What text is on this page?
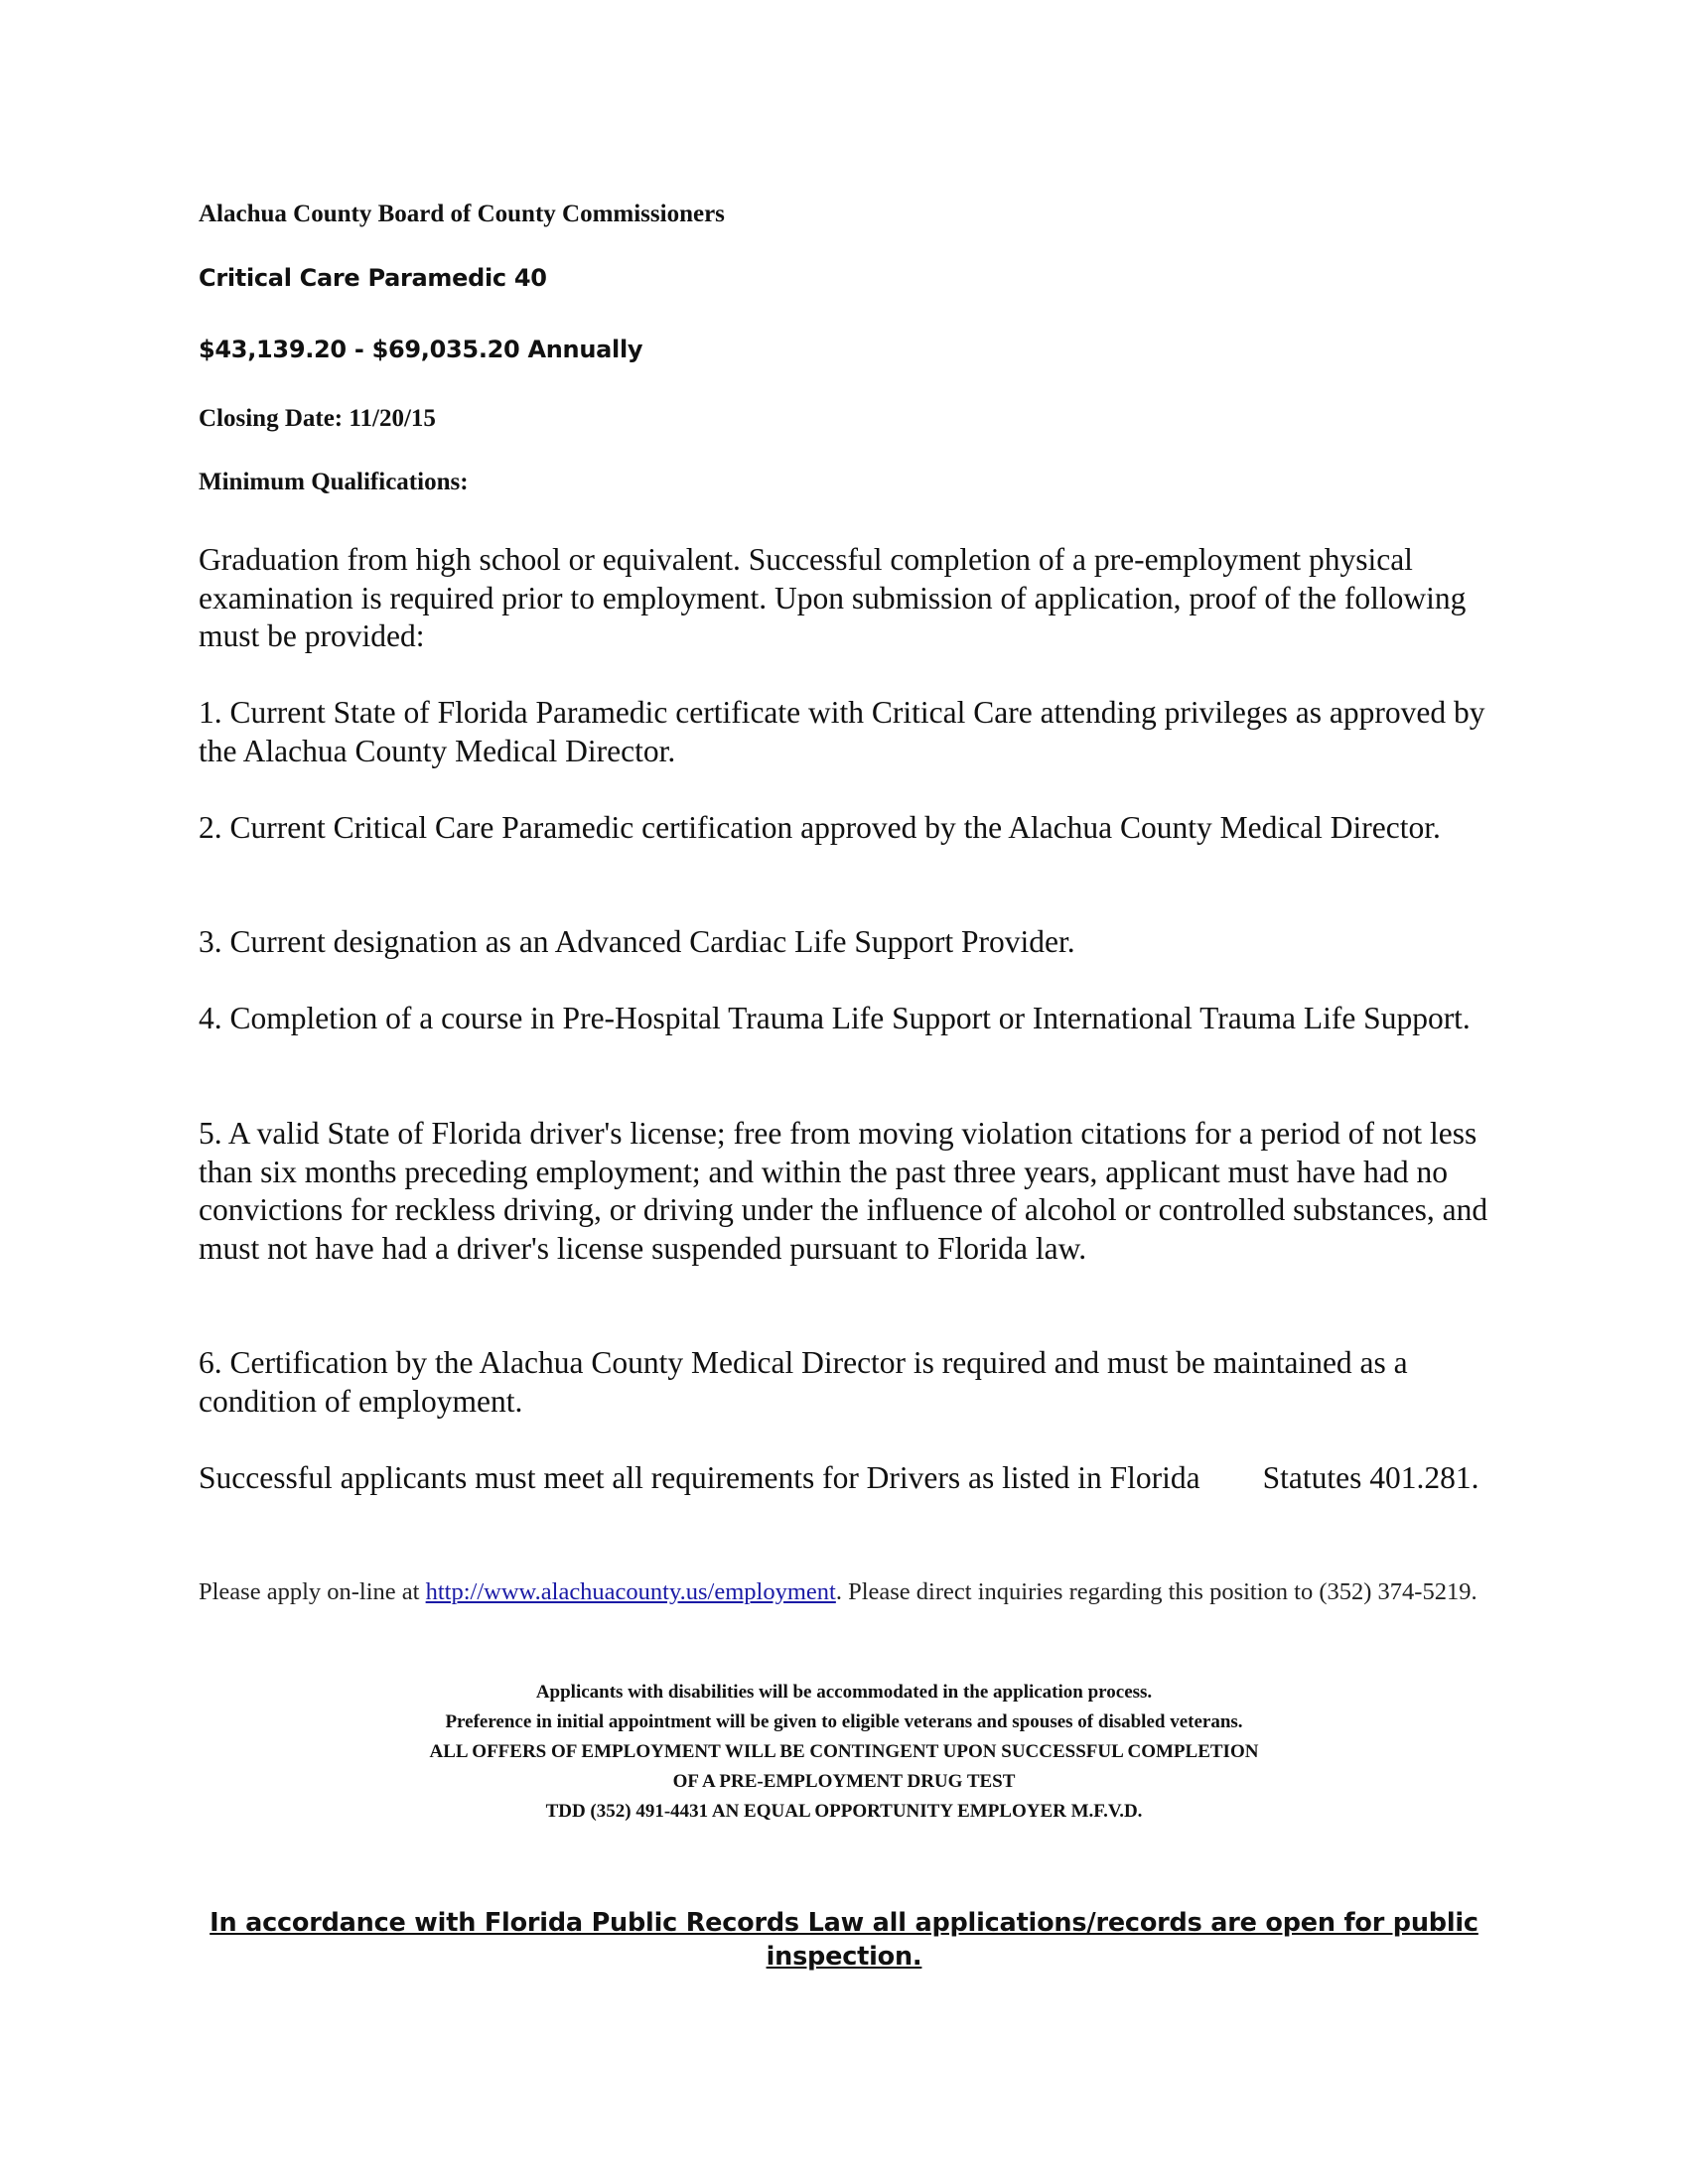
Alachua County Board of County Commissioners
Critical Care Paramedic 40
$43,139.20 - $69,035.20 Annually
Closing Date: 11/20/15
Minimum Qualifications:

Graduation from high school or equivalent. Successful completion of a pre-employment physical examination is required prior to employment. Upon submission of application, proof of the following must be provided:

1. Current State of Florida Paramedic certificate with Critical Care attending privileges as approved by the Alachua County Medical Director.

2. Current Critical Care Paramedic certification approved by the Alachua County Medical Director.

3. Current designation as an Advanced Cardiac Life Support Provider.

4. Completion of a course in Pre-Hospital Trauma Life Support or International Trauma Life Support.

5. A valid State of Florida driver's license; free from moving violation citations for a period of not less than six months preceding employment; and within the past three years, applicant must have had no convictions for reckless driving, or driving under the influence of alcohol or controlled substances, and must not have had a driver's license suspended pursuant to Florida law.

6. Certification by the Alachua County Medical Director is required and must be maintained as a condition of employment.

Successful applicants must meet all requirements for Drivers as listed in Florida Statutes 401.281.

Please apply on-line at http://www.alachuacounty.us/employment. Please direct inquiries regarding this position to (352) 374-5219.

Applicants with disabilities will be accommodated in the application process.
Preference in initial appointment will be given to eligible veterans and spouses of disabled veterans.
ALL OFFERS OF EMPLOYMENT WILL BE CONTINGENT UPON SUCCESSFUL COMPLETION
OF A PRE-EMPLOYMENT DRUG TEST
TDD (352) 491-4431 AN EQUAL OPPORTUNITY EMPLOYER M.F.V.D.
In accordance with Florida Public Records Law all applications/records are open for public inspection.
